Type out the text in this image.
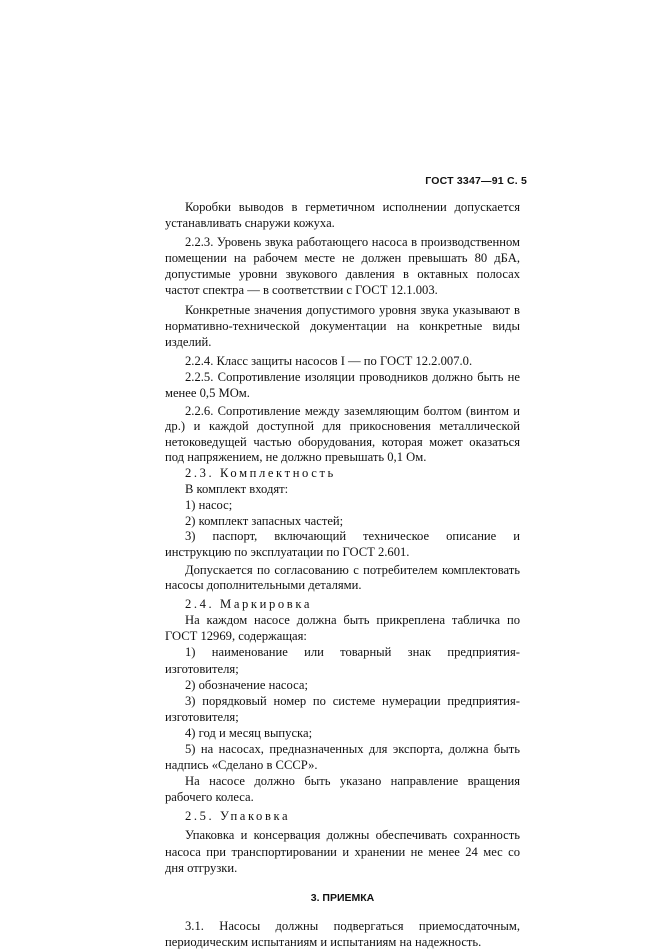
ГОСТ 3347—91 С. 5

Коробки выводов в герметичном исполнении допускается устанавливать снаружи кожуха.

2.2.3. Уровень звука работающего насоса в производственном помещении на рабочем месте не должен превышать 80 дБА, допустимые уровни звукового давления в октавных полосах частот спектра — в соответствии с ГОСТ 12.1.003.

Конкретные значения допустимого уровня звука указывают в нормативно-технической документации на конкретные виды изделий.

2.2.4. Класс защиты насосов I — по ГОСТ 12.2.007.0.

2.2.5. Сопротивление изоляции проводников должно быть не менее 0,5 МОм.

2.2.6. Сопротивление между заземляющим болтом (винтом и др.) и каждой доступной для прикосновения металлической нетоковедущей частью оборудования, которая может оказаться под напряжением, не должно превышать 0,1 Ом.

2.3. Комплектность

В комплект входят:

1) насос;

2) комплект запасных частей;

3) паспорт, включающий техническое описание и инструкцию по эксплуатации по ГОСТ 2.601.

Допускается по согласованию с потребителем комплектовать насосы дополнительными деталями.

2.4. Маркировка

На каждом насосе должна быть прикреплена табличка по ГОСТ 12969, содержащая:

1) наименование или товарный знак предприятия-изготовителя;

2) обозначение насоса;

3) порядковый номер по системе нумерации предприятия-изготовителя;

4) год и месяц выпуска;

5) на насосах, предназначенных для экспорта, должна быть надпись «Сделано в СССР».

На насосе должно быть указано направление вращения рабочего колеса.

2.5. Упаковка

Упаковка и консервация должны обеспечивать сохранность насоса при транспортировании и хранении не менее 24 мес со дня отгрузки.

3. ПРИЕМКА

3.1. Насосы должны подвергаться приемосдаточным, периодическим испытаниям и испытаниям на надежность.
